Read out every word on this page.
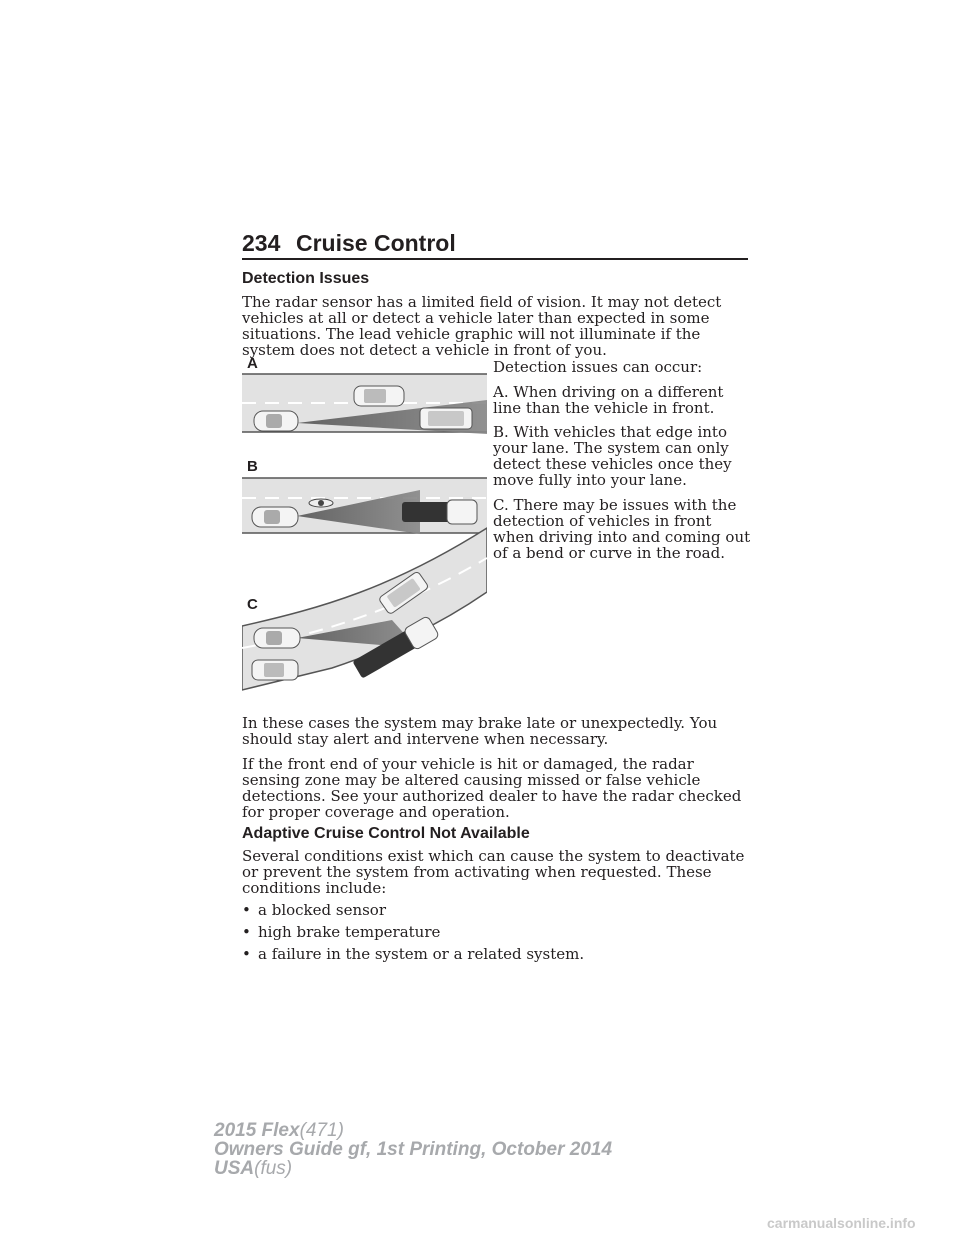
234 Cruise Control
Detection Issues
The radar sensor has a limited field of vision. It may not detect vehicles at all or detect a vehicle later than expected in some situations. The lead vehicle graphic will not illuminate if the system does not detect a vehicle in front of you.
Detection issues can occur:
A. When driving on a different line than the vehicle in front.
B. With vehicles that edge into your lane. The system can only detect these vehicles once they move fully into your lane.
C. There may be issues with the detection of vehicles in front when driving into and coming out of a bend or curve in the road.
A
B
C
In these cases the system may brake late or unexpectedly. You should stay alert and intervene when necessary.
If the front end of your vehicle is hit or damaged, the radar sensing zone may be altered causing missed or false vehicle detections. See your authorized dealer to have the radar checked for proper coverage and operation.
Adaptive Cruise Control Not Available
Several conditions exist which can cause the system to deactivate or prevent the system from activating when requested. These conditions include:
• a blocked sensor
• high brake temperature
• a failure in the system or a related system.
2015 Flex(471)
Owners Guide gf, 1st Printing, October 2014
USA(fus)
carmanualsonline.info
